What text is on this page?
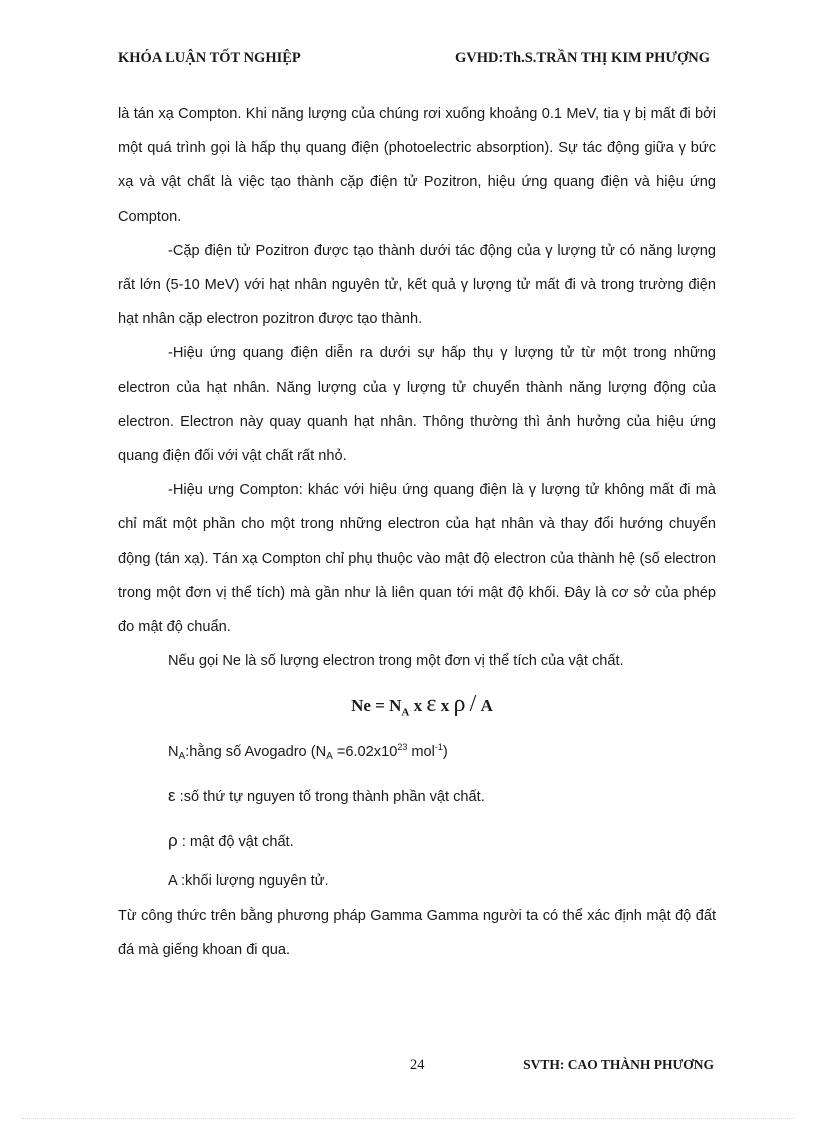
KHÓA LUẬN TỐT NGHIỆP	GVHD:Th.S.TRẦN THỊ KIM PHƯỢNG

là tán xạ Compton. Khi năng lượng của chúng rơi xuống khoảng 0.1 MeV, tia γ bị mất đi bởi một quá trình gọi là hấp thụ quang điện (photoelectric absorption). Sự tác động giữa γ bức xạ và vật chất là việc tạo thành cặp điện tử Pozitron, hiệu ứng quang điện và hiệu ứng Compton.

-Cặp điện tử Pozitron được tạo thành dưới tác động của γ lượng tử có năng lượng rất lớn (5-10 MeV) với hạt nhân nguyên tử, kết quả γ lượng tử mất đi và trong trường điện hạt nhân cặp electron pozitron được tạo thành.

-Hiệu ứng quang điện diễn ra dưới sự hấp thụ γ lượng tử từ một trong những electron của hạt nhân. Năng lượng của γ lượng tử chuyển thành năng lượng động của electron. Electron này quay quanh hạt nhân. Thông thường thì ảnh hưởng của hiệu ứng quang điện đối với vật chất rất nhỏ.

-Hiệu ưng Compton: khác với hiệu ứng quang điện là γ lượng tử không mất đi mà chỉ mất một phần cho một trong những electron của hạt nhân và thay đổi hướng chuyển động (tán xạ). Tán xạ Compton chỉ phụ thuộc vào mật độ electron của thành hệ (số electron trong một đơn vị thể tích) mà gần như là liên quan tới mật độ khối. Đây là cơ sở của phép đo mật độ chuẩn.

Nếu gọi Ne là số lượng electron trong một đơn vị thể tích của vật chất.

$Ne = N_A$ x ε x ρ / A

$N_A:hằng$ số Avogadro ($N_A =6.02x10^{23}$ mol$^{-1}$)

ε :số thứ tự nguyen tố trong thành phần vật chất.

ρ : mật độ vật chất.

A :khối lượng nguyên tử.

Từ công thức trên bằng phương pháp Gamma Gamma người ta có thể xác định mật độ đất đá mà giếng khoan đi qua.

24	SVTH: CAO THÀNH PHƯƠNG
